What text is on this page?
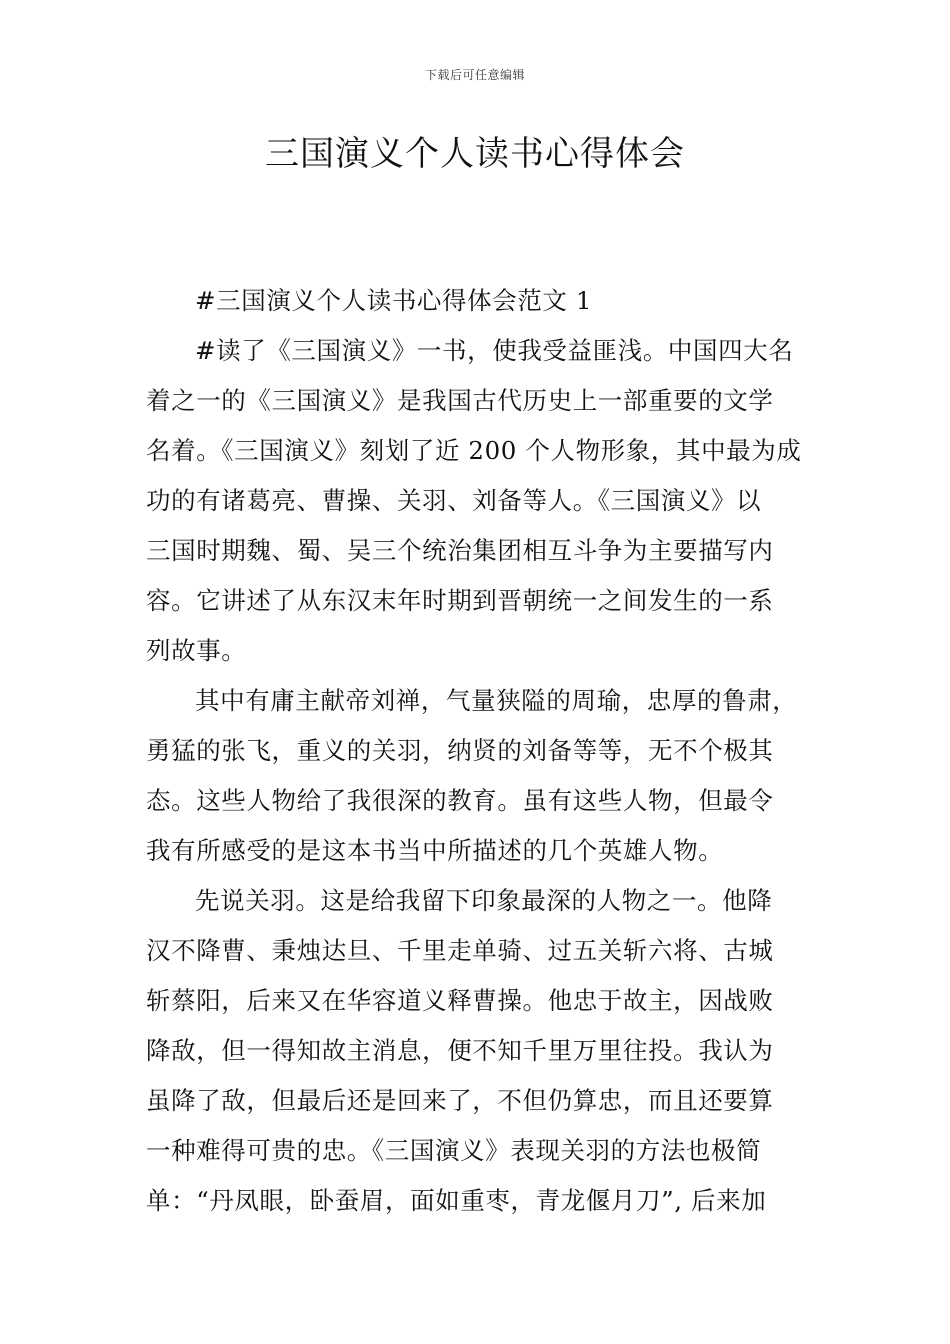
下载后可任意编辑
三国演义个人读书心得体会
#三国演义个人读书心得体会范文 1
#读了《三国演义》一书，使我受益匪浅。中国四大名
着之一的《三国演义》是我国古代历史上一部重要的文学
名着。《三国演义》刻划了近 200 个人物形象，其中最为成
功的有诸葛亮、曹操、关羽、刘备等人。《三国演义》以
三国时期魏、蜀、吴三个统治集团相互斗争为主要描写内
容。它讲述了从东汉末年时期到晋朝统一之间发生的一系
列故事。
其中有庸主献帝刘禅，气量狭隘的周瑜，忠厚的鲁肃，
勇猛的张飞，重义的关羽，纳贤的刘备等等，无不个极其
态。这些人物给了我很深的教育。虽有这些人物，但最令
我有所感受的是这本书当中所描述的几个英雄人物。
先说关羽。这是给我留下印象最深的人物之一。他降
汉不降曹、秉烛达旦、千里走单骑、过五关斩六将、古城
斩蔡阳，后来又在华容道义释曹操。他忠于故主，因战败
降敌，但一得知故主消息，便不知千里万里往投。我认为
虽降了敌，但最后还是回来了，不但仍算忠，而且还要算
一种难得可贵的忠。《三国演义》表现关羽的方法也极简
单：“丹凤眼，卧蚕眉，面如重枣，青龙偃月刀”, 后来加
